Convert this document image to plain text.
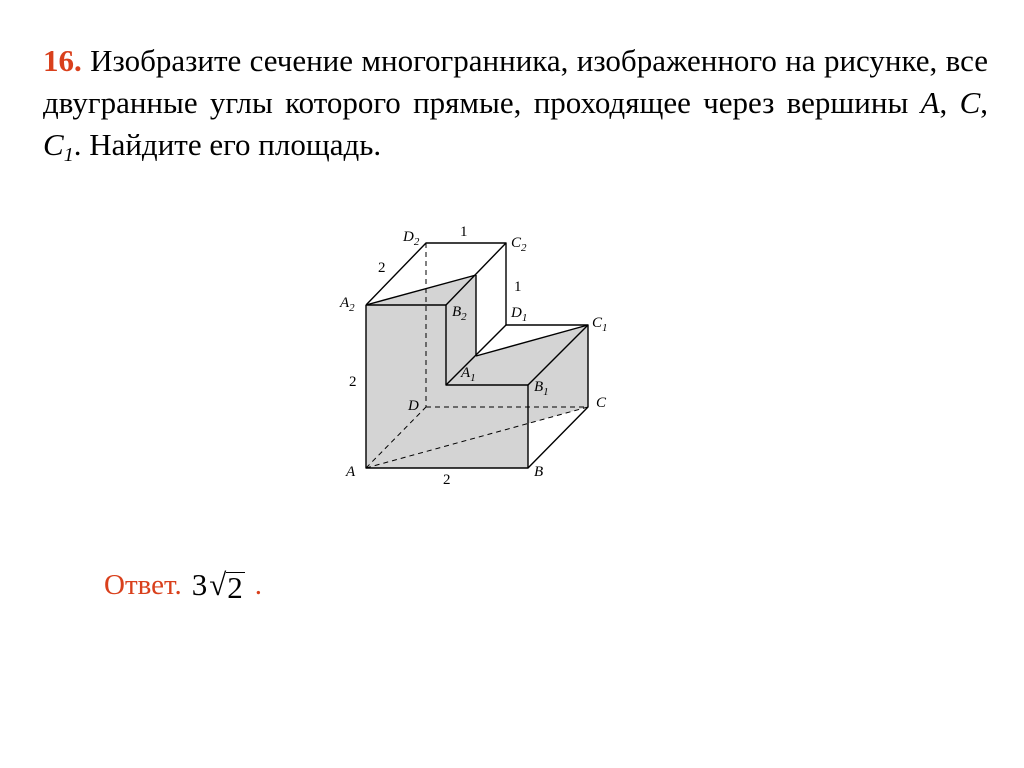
16. Изобразите сечение многогранника, изображенного на рисунке, все двугранные углы которого прямые, проходящее через вершины A, C, $C_1$. Найдите его площадь.
$D_2$	$C_2$
$A_2$	$B_2$	$D_1$	$C_1$
$A_1$
$B_1$
D	C
A	B
1
1
2
2
2
Ответ. 3 √ 2 .
